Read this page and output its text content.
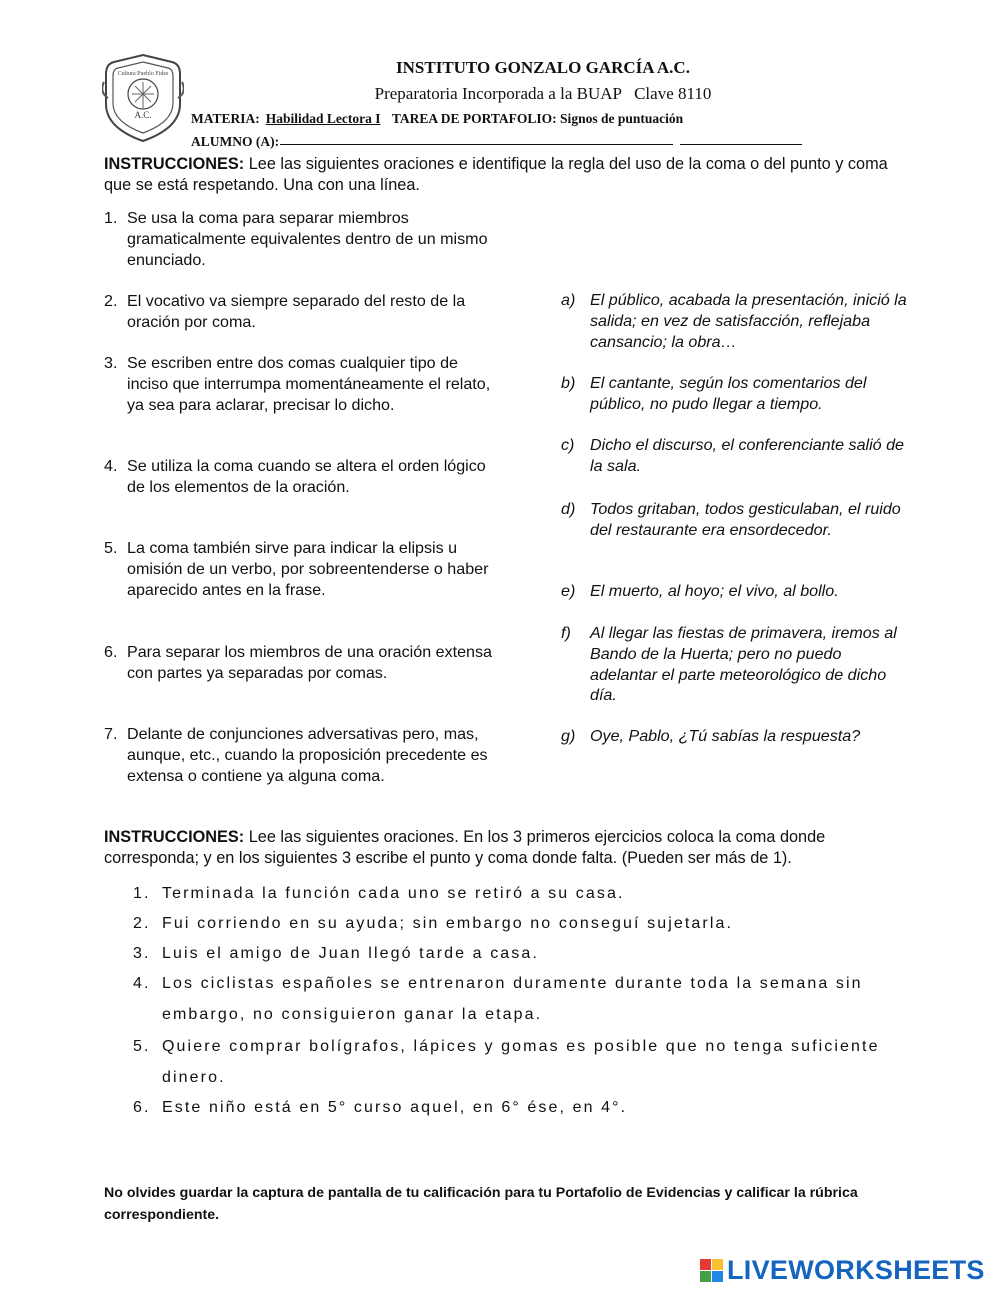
A.C.
Cultura Pueblo Fides	INSTITUTO GONZALO GARCÍA A.C.
Preparatoria Incorporada a la BUAP   Clave 8110
MATERIA: Habilidad Lectora I TAREA DE PORTAFOLIO: Signos de puntuación
ALUMNO (A):
INSTRUCCIONES: Lee las siguientes oraciones e identifique la regla del uso de la coma o del punto y coma que se está respetando. Una con una línea.
1. Se usa la coma para separar miembros gramaticalmente equivalentes dentro de un mismo enunciado.
2. El vocativo va siempre separado del resto de la oración por coma.
3. Se escriben entre dos comas cualquier tipo de inciso que interrumpa momentáneamente el relato, ya sea para aclarar, precisar lo dicho.
4. Se utiliza la coma cuando se altera el orden lógico de los elementos de la oración.
5. La coma también sirve para indicar la elipsis u omisión de un verbo, por sobreentenderse o haber aparecido antes en la frase.
6. Para separar los miembros de una oración extensa con partes ya separadas por comas.
7. Delante de conjunciones adversativas pero, mas, aunque, etc., cuando la proposición precedente es extensa o contiene ya alguna coma.
a) El público, acabada la presentación, inició la salida; en vez de satisfacción, reflejaba cansancio; la obra…
b) El cantante, según los comentarios del público, no pudo llegar a tiempo.
c) Dicho el discurso, el conferenciante salió de la sala.
d) Todos gritaban, todos gesticulaban, el ruido del restaurante era ensordecedor.
e) El muerto, al hoyo; el vivo, al bollo.
f) Al llegar las fiestas de primavera, iremos al Bando de la Huerta; pero no puedo adelantar el parte meteorológico de dicho día.
g) Oye, Pablo, ¿Tú sabías la respuesta?
INSTRUCCIONES: Lee las siguientes oraciones. En los 3 primeros ejercicios coloca la coma donde corresponda; y en los siguientes 3 escribe el punto y coma donde falta. (Pueden ser más de 1).
1. Terminada la función cada uno se retiró a su casa.
2. Fui corriendo en su ayuda; sin embargo no conseguí sujetarla.
3. Luis el amigo de Juan llegó tarde a casa.
4. Los ciclistas españoles se entrenaron duramente durante toda la semana sin embargo, no consiguieron ganar la etapa.
5. Quiere comprar bolígrafos, lápices y gomas es posible que no tenga suficiente dinero.
6. Este niño está en 5° curso aquel, en 6° ése, en 4°.
No olvides guardar la captura de pantalla de tu calificación para tu Portafolio de Evidencias y calificar la rúbrica correspondiente.
LIVEWORKSHEETS
